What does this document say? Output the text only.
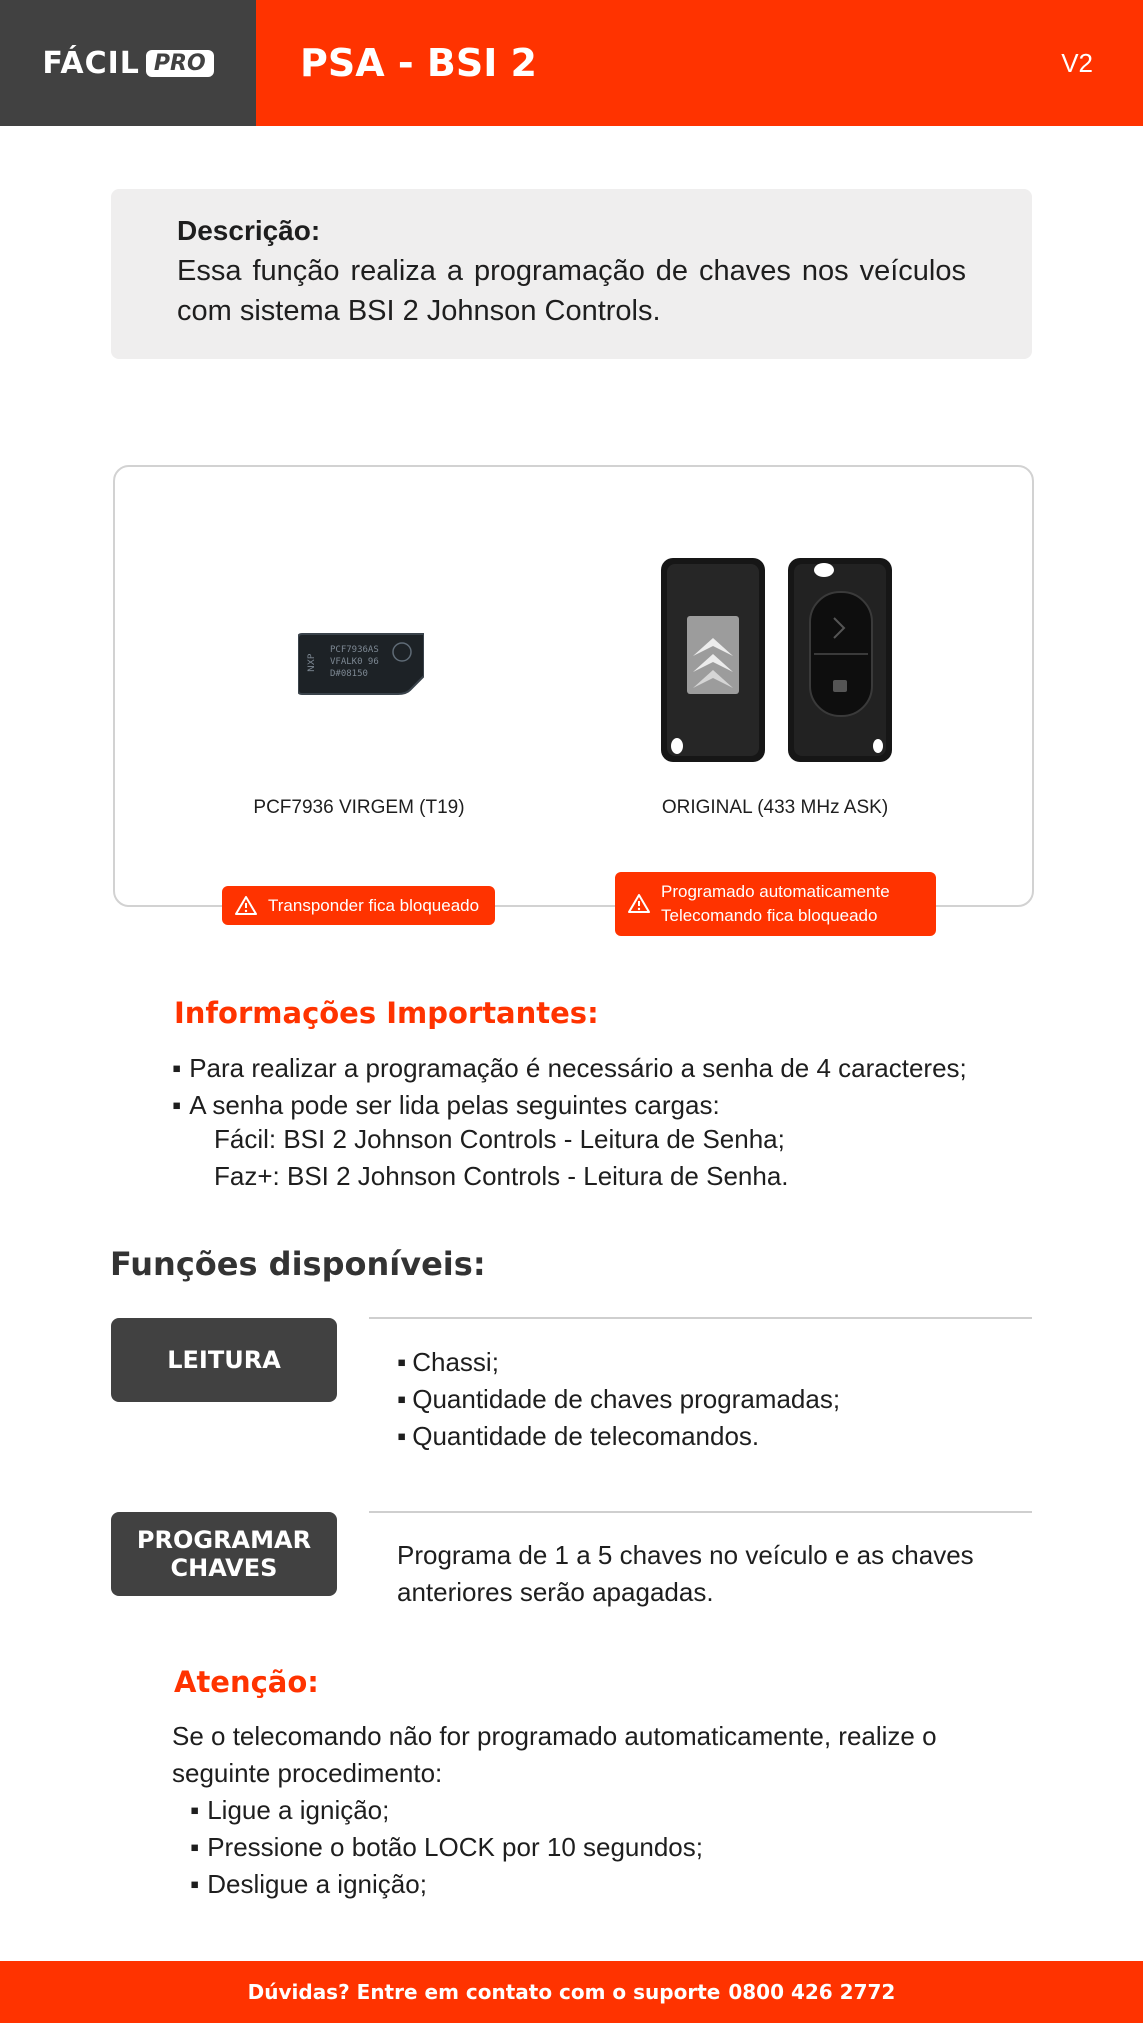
FÁCIL PRO PSA - BSI 2	V2
Descrição:
Essa função realiza a programação de chaves nos veículos com sistema BSI 2 Johnson Controls.
NXP
PCF7936AS
VFALK0 96
D#08150
PCF7936 VIRGEM (T19)	ORIGINAL (433 MHz ASK)
Transponder fica bloqueado
Programado automaticamente
Telecomando fica bloqueado
Informações Importantes:
▪ Para realizar a programação é necessário a senha de 4 caracteres;
▪ A senha pode ser lida pelas seguintes cargas:
Fácil: BSI 2 Johnson Controls - Leitura de Senha;
Faz+: BSI 2 Johnson Controls - Leitura de Senha.
Funções disponíveis:
LEITURA
▪	Chassi;
▪ Quantidade de chaves programadas;
▪ Quantidade de telecomandos.
PROGRAMAR
CHAVES	Programa de 1 a 5 chaves no veículo e as chaves anteriores serão apagadas.
Atenção:
Se o telecomando não for programado automaticamente, realize o seguinte procedimento:
▪ Ligue a ignição;
▪ Pressione o botão LOCK por 10 segundos;
▪ Desligue a ignição;
Dúvidas? Entre em contato com o suporte 0800 426 2772
